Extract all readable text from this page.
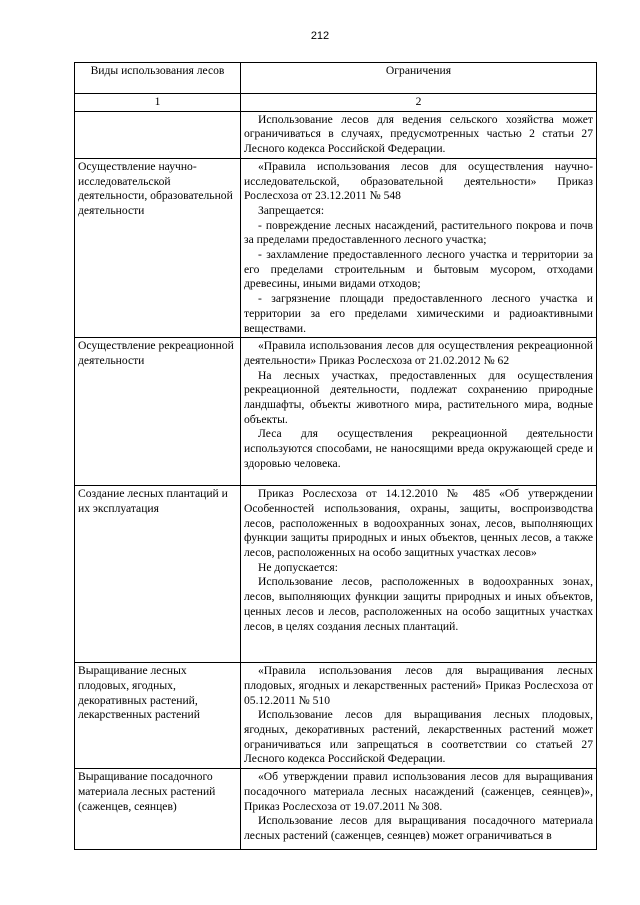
212
Виды использования лесов	Ограничения
1	2

	Использование лесов для ведения сельского хозяйства может ограничиваться в случаях, предусмотренных частью 2 статьи 27 Лесного кодекса Российской Федерации.

Осуществление научно-исследовательской деятельности, образовательной деятельности	«Правила использования лесов для осуществления научно-исследовательской, образовательной деятельности» Приказ Рослесхоза от 23.12.2011 № 548

Запрещается:

- повреждение лесных насаждений, растительного покрова и почв за пределами предоставленного лесного участка;

- захламление предоставленного лесного участка и территории за его пределами строительным и бытовым мусором, отходами древесины, иными видами отходов;

- загрязнение площади предоставленного лесного участка и территории за его пределами химическими и радиоактивными веществами.

Осуществление рекреационной деятельности	«Правила использования лесов для осуществления рекреационной деятельности» Приказ Рослесхоза от 21.02.2012 № 62

На лесных участках, предоставленных для осуществления рекреационной деятельности, подлежат сохранению природные ландшафты, объекты животного мира, растительного мира, водные объекты.

Леса для осуществления рекреационной деятельности используются способами, не наносящими вреда окружающей среде и здоровью человека.

Создание лесных плантаций и их эксплуатация	Приказ Рослесхоза от 14.12.2010 № 485 «Об утверждении Особенностей использования, охраны, защиты, воспроизводства лесов, расположенных в водоохранных зонах, лесов, выполняющих функции защиты природных и иных объектов, ценных лесов, а также лесов, расположенных на особо защитных участках лесов»

Не допускается:

Использование лесов, расположенных в водоохранных зонах, лесов, выполняющих функции защиты природных и иных объектов, ценных лесов и лесов, расположенных на особо защитных участках лесов, в целях создания лесных плантаций.

Выращивание лесных плодовых, ягодных, декоративных растений, лекарственных растений	«Правила использования лесов для выращивания лесных плодовых, ягодных и лекарственных растений» Приказ Рослесхоза от 05.12.2011 № 510

Использование лесов для выращивания лесных плодовых, ягодных, декоративных растений, лекарственных растений может ограничиваться или запрещаться в соответствии со статьей 27 Лесного кодекса Российской Федерации.

Выращивание посадочного материала лесных растений (саженцев, сеянцев)	«Об утверждении правил использования лесов для выращивания посадочного материала лесных насаждений (саженцев, сеянцев)», Приказ Рослесхоза от 19.07.2011 № 308.

Использование лесов для выращивания посадочного материала лесных растений (саженцев, сеянцев) может ограничиваться в
